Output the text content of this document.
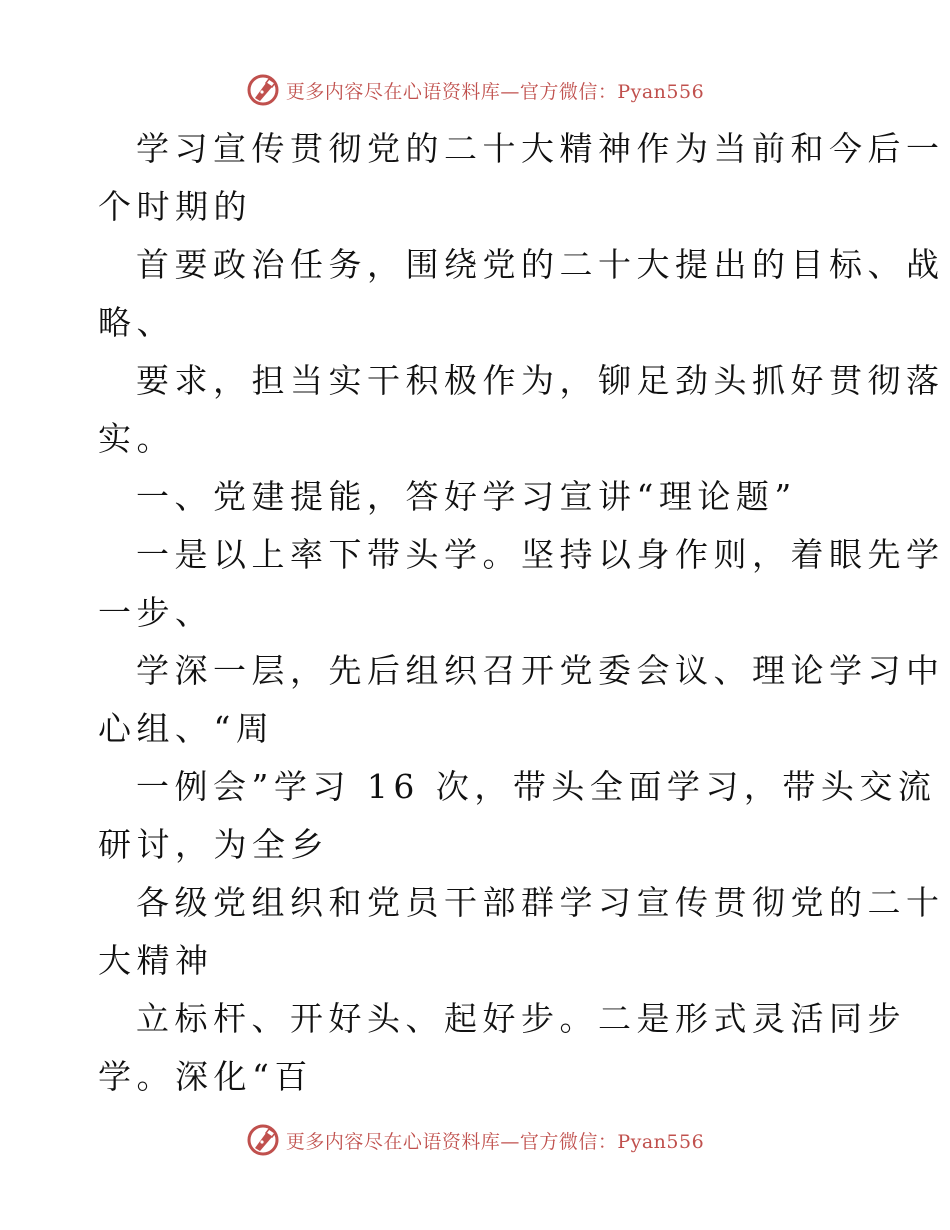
更多内容尽在心语资料库—官方微信：Pyan556
学习宣传贯彻党的二十大精神作为当前和今后一
个时期的
首要政治任务，围绕党的二十大提出的目标、战
略、
要求，担当实干积极作为，铆足劲头抓好贯彻落
实。
一、党建提能，答好学习宣讲“理论题”
一是以上率下带头学。坚持以身作则，着眼先学
一步、
学深一层，先后组织召开党委会议、理论学习中
心组、“周
一例会”学习 16 次，带头全面学习，带头交流
研讨，为全乡
各级党组织和党员干部群学习宣传贯彻党的二十
大精神
立标杆、开好头、起好步。二是形式灵活同步
学。深化“百
更多内容尽在心语资料库—官方微信：Pyan556
